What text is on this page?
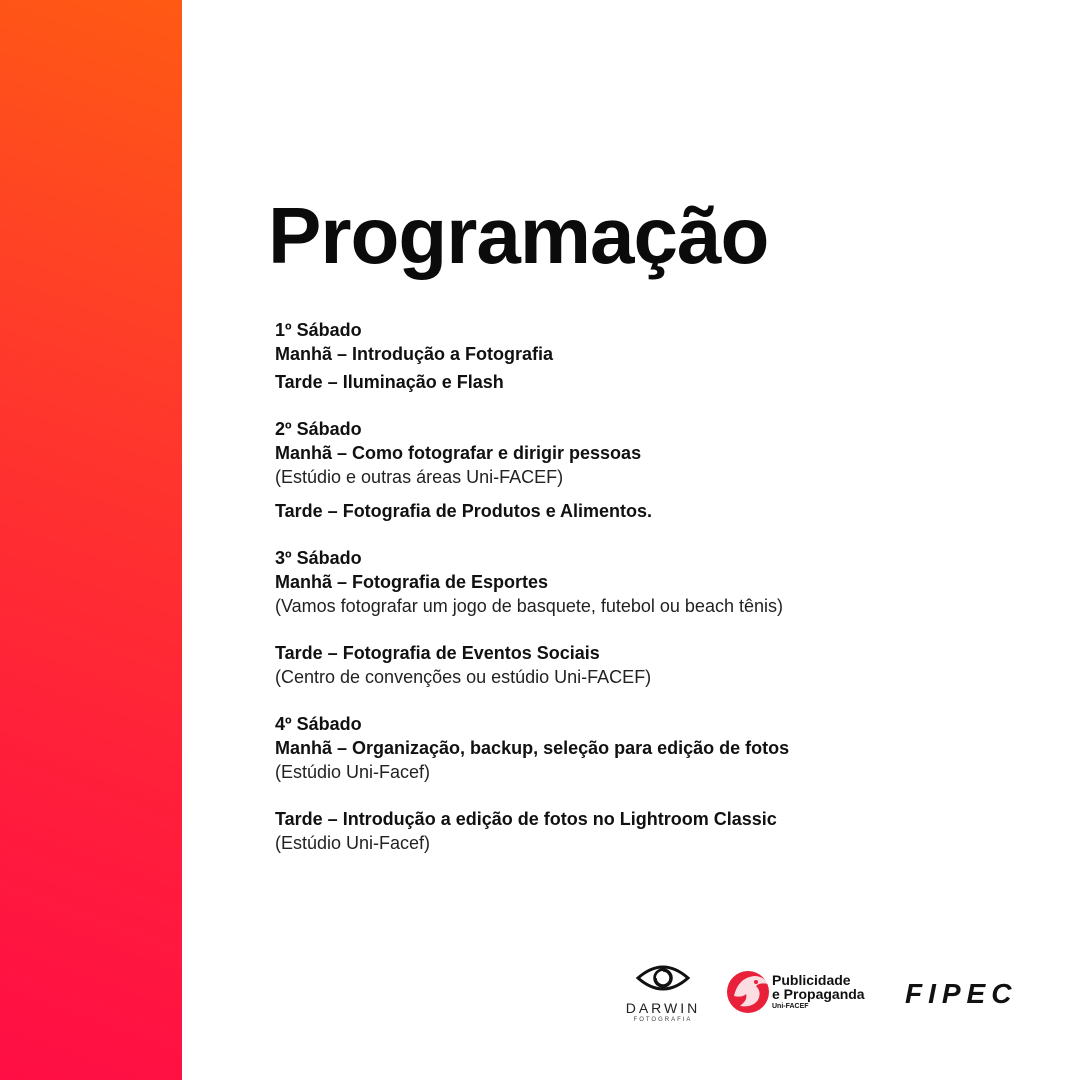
Programação
1º Sábado
Manhã – Introdução a Fotografia
Tarde – Iluminação e Flash
2º Sábado
Manhã – Como fotografar e dirigir pessoas
(Estúdio e outras áreas Uni-FACEF)
Tarde – Fotografia de Produtos e Alimentos.
3º Sábado
Manhã – Fotografia de Esportes
(Vamos fotografar um jogo de basquete, futebol ou beach tênis)
Tarde – Fotografia de Eventos Sociais
(Centro de convenções ou estúdio Uni-FACEF)
4º Sábado
Manhã – Organização, backup, seleção para edição de fotos
(Estúdio Uni-Facef)
Tarde – Introdução a edição de fotos no Lightroom Classic
(Estúdio Uni-Facef)
DARWIN
FOTOGRAFIA
Publicidade
e Propaganda
Uni-FACEF	FIPEC
